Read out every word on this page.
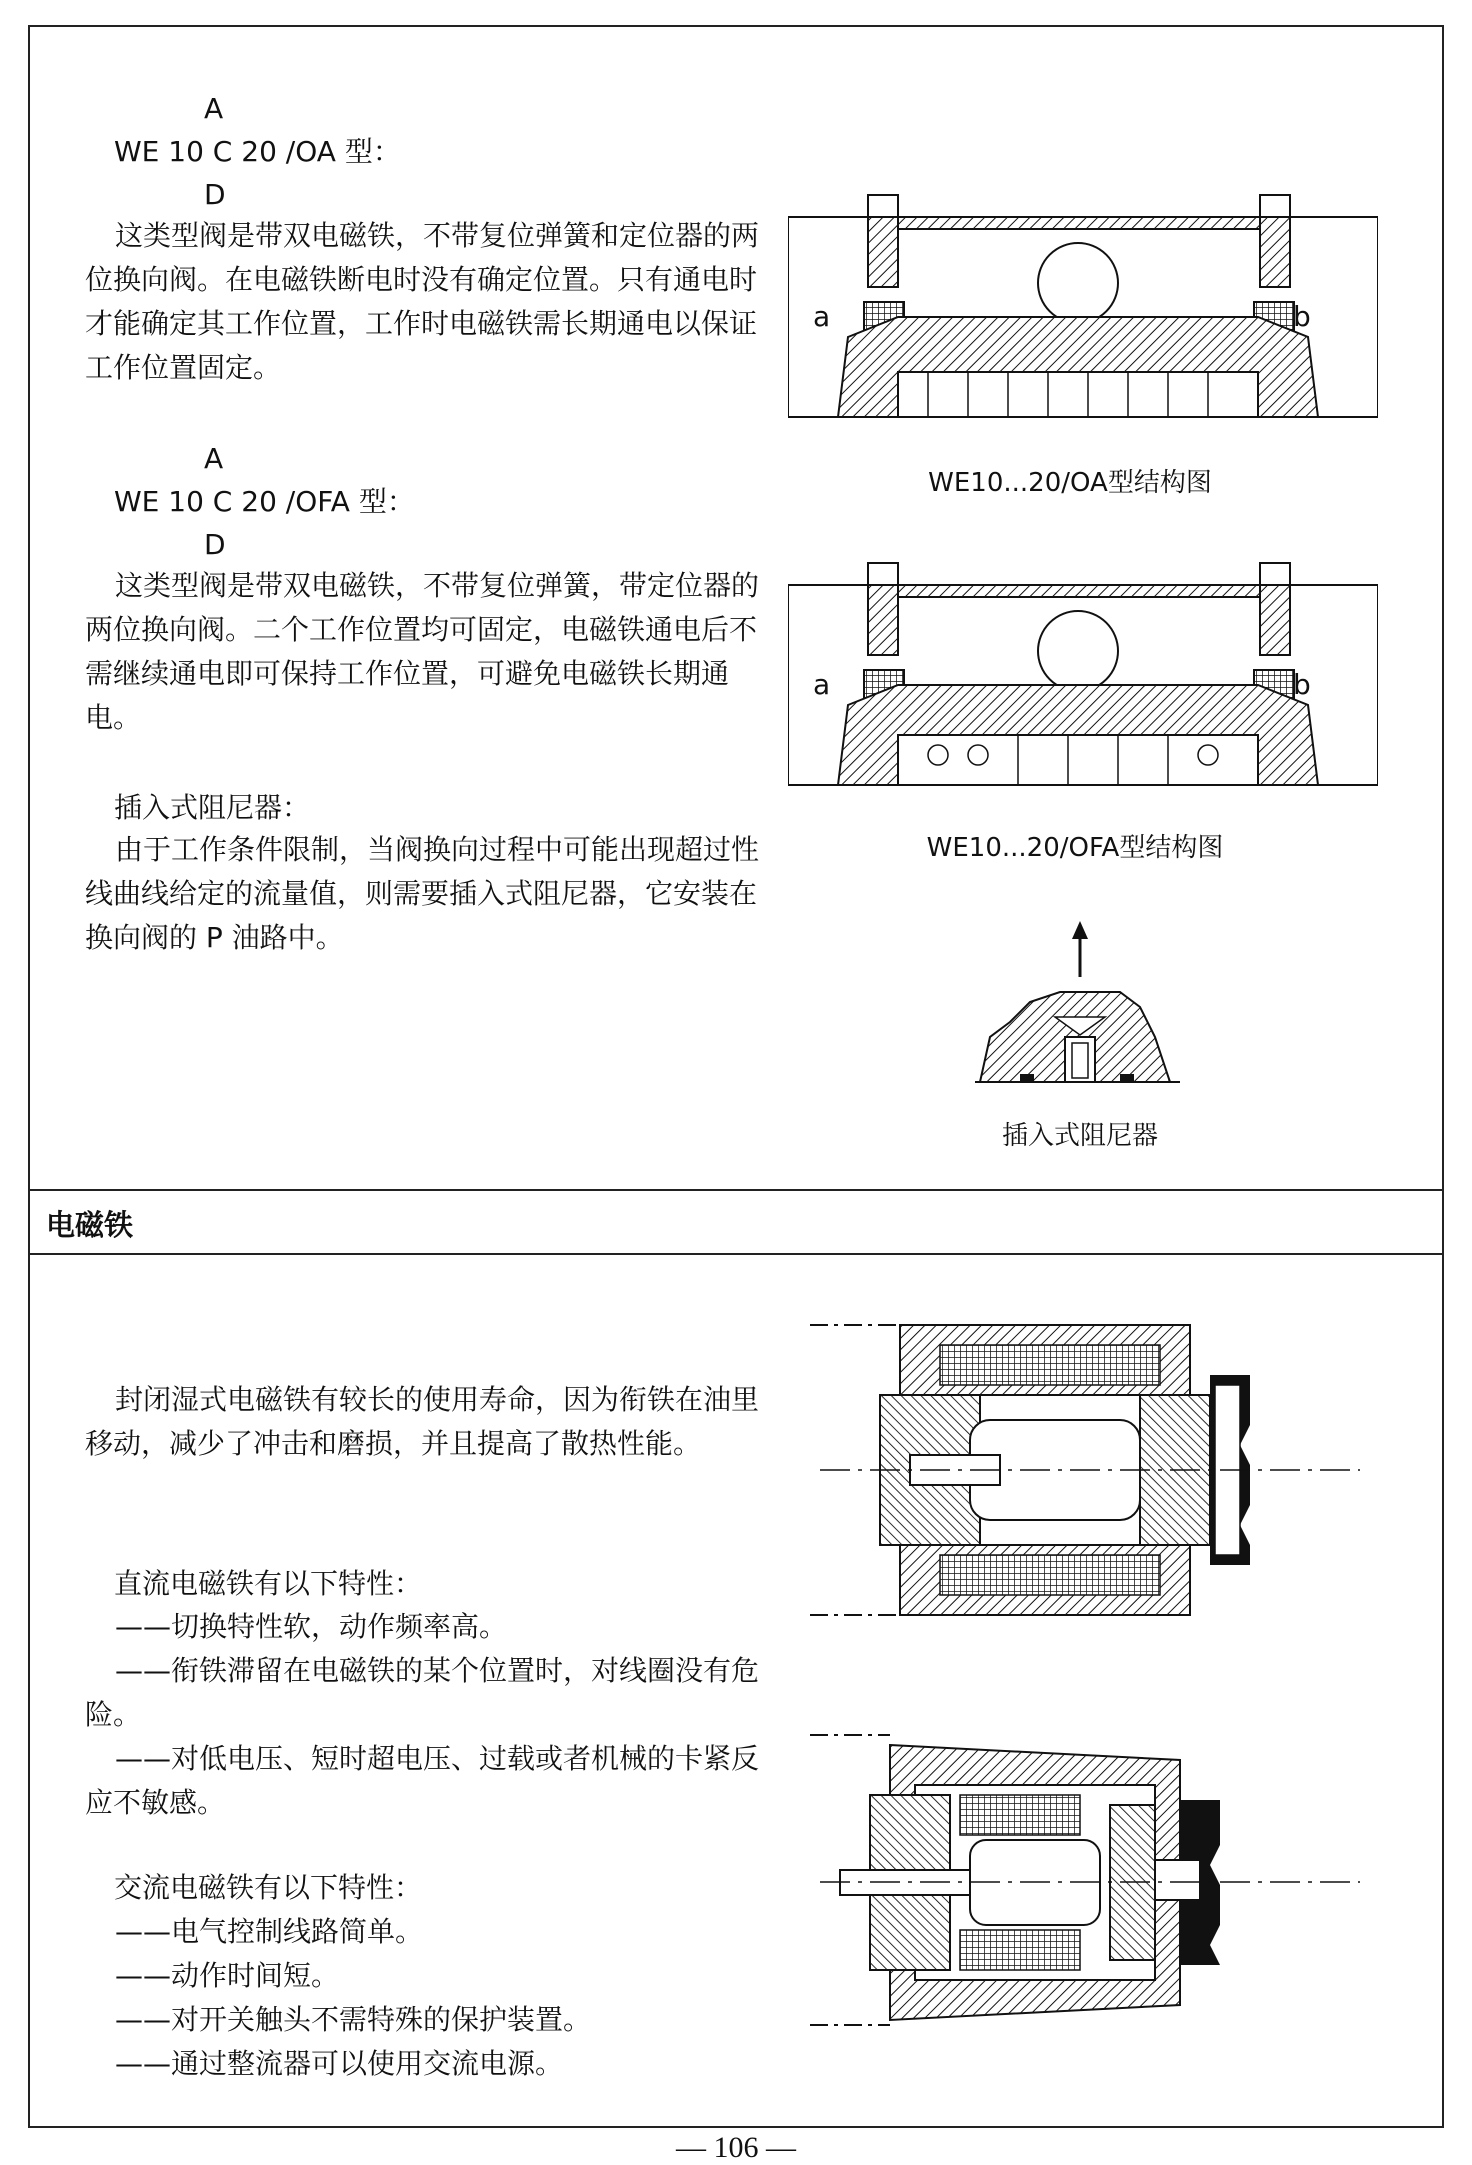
A
WE 10 C 20 /OA 型：
D
这类型阀是带双电磁铁，不带复位弹簧和定位器的两位换向阀。在电磁铁断电时没有确定位置。只有通电时才能确定其工作位置，工作时电磁铁需长期通电以保证工作位置固定。
A
WE 10 C 20 /OFA 型：
D
这类型阀是带双电磁铁，不带复位弹簧，带定位器的两位换向阀。二个工作位置均可固定，电磁铁通电后不需继续通电即可保持工作位置，可避免电磁铁长期通电。
插入式阻尼器：
由于工作条件限制，当阀换向过程中可能出现超过性线曲线给定的流量值，则需要插入式阻尼器，它安装在换向阀的 P 油路中。
a	b
WE10...20/OA型结构图
a	b
WE10...20/OFA型结构图
插入式阻尼器
电磁铁
封闭湿式电磁铁有较长的使用寿命，因为衔铁在油里移动，减少了冲击和磨损，并且提高了散热性能。
直流电磁铁有以下特性：
——切换特性软，动作频率高。
——衔铁滞留在电磁铁的某个位置时，对线圈没有危险。
——对低电压、短时超电压、过载或者机械的卡紧反应不敏感。
交流电磁铁有以下特性：
——电气控制线路简单。
——动作时间短。
——对开关触头不需特殊的保护装置。
——通过整流器可以使用交流电源。
— 106 —
